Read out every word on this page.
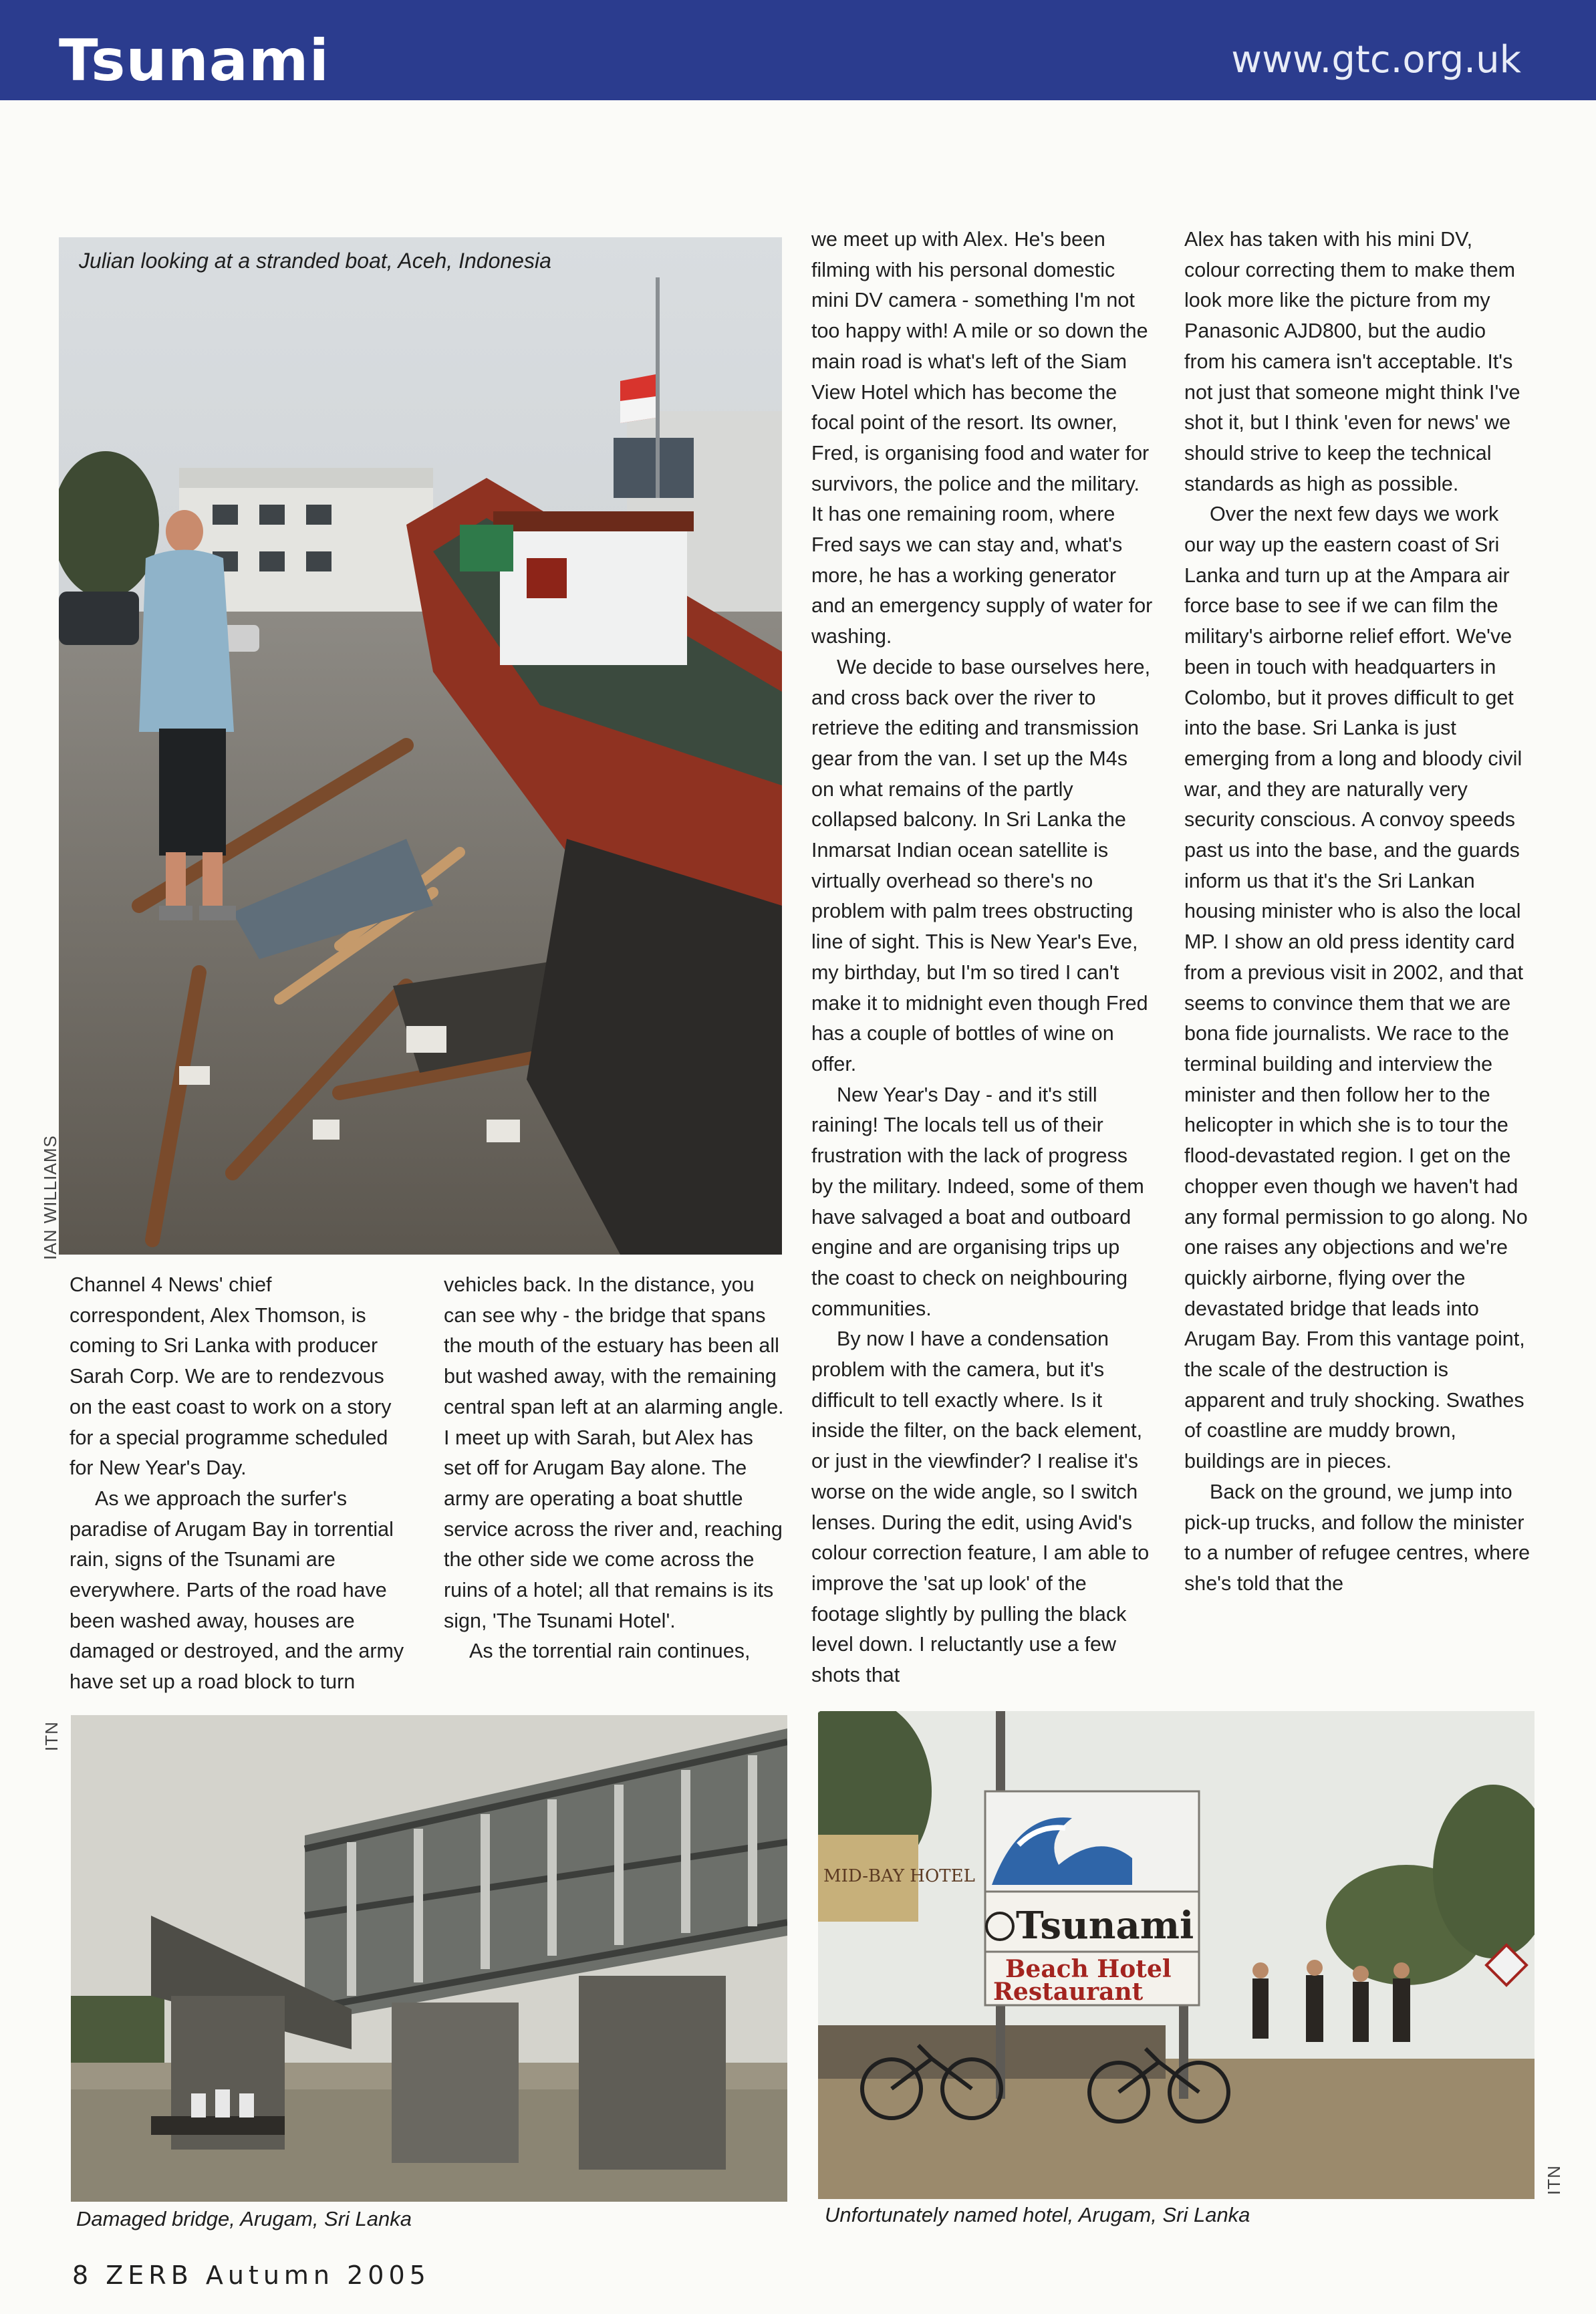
Tsunami	www.gtc.org.uk
Julian looking at a stranded boat, Aceh, Indonesia
IAN WILLIAMS

Channel 4 News' chief correspondent, Alex Thomson, is coming to Sri Lanka with producer Sarah Corp. We are to rendezvous on the east coast to work on a story for a special programme scheduled for New Year's Day.

As we approach the surfer's paradise of Arugam Bay in torrential rain, signs of the Tsunami are everywhere. Parts of the road have been washed away, houses are damaged or destroyed, and the army have set up a road block to turn

vehicles back. In the distance, you can see why - the bridge that spans the mouth of the estuary has been all but washed away, with the remaining central span left at an alarming angle. I meet up with Sarah, but Alex has set off for Arugam Bay alone. The army are operating a boat shuttle service across the river and, reaching the other side we come across the ruins of a hotel; all that remains is its sign, 'The Tsunami Hotel'.

As the torrential rain continues,

we meet up with Alex. He's been filming with his personal domestic mini DV camera - something I'm not too happy with! A mile or so down the main road is what's left of the Siam View Hotel which has become the focal point of the resort. Its owner, Fred, is organising food and water for survivors, the police and the military. It has one remaining room, where Fred says we can stay and, what's more, he has a working generator and an emergency supply of water for washing.

We decide to base ourselves here, and cross back over the river to retrieve the editing and transmission gear from the van. I set up the M4s on what remains of the partly collapsed balcony. In Sri Lanka the Inmarsat Indian ocean satellite is virtually overhead so there's no problem with palm trees obstructing line of sight. This is New Year's Eve, my birthday, but I'm so tired I can't make it to midnight even though Fred has a couple of bottles of wine on offer.

New Year's Day - and it's still raining! The locals tell us of their frustration with the lack of progress by the military. Indeed, some of them have salvaged a boat and outboard engine and are organising trips up the coast to check on neighbouring communities.

By now I have a condensation problem with the camera, but it's difficult to tell exactly where. Is it inside the filter, on the back element, or just in the viewfinder? I realise it's worse on the wide angle, so I switch lenses. During the edit, using Avid's colour correction feature, I am able to improve the 'sat up look' of the footage slightly by pulling the black level down. I reluctantly use a few shots that

Alex has taken with his mini DV, colour correcting them to make them look more like the picture from my Panasonic AJD800, but the audio from his camera isn't acceptable. It's not just that someone might think I've shot it, but I think 'even for news' we should strive to keep the technical standards as high as possible.

Over the next few days we work our way up the eastern coast of Sri Lanka and turn up at the Ampara air force base to see if we can film the military's airborne relief effort. We've been in touch with headquarters in Colombo, but it proves difficult to get into the base. Sri Lanka is just emerging from a long and bloody civil war, and they are naturally very security conscious. A convoy speeds past us into the base, and the guards inform us that it's the Sri Lankan housing minister who is also the local MP. I show an old press identity card from a previous visit in 2002, and that seems to convince them that we are bona fide journalists. We race to the terminal building and interview the minister and then follow her to the helicopter in which she is to tour the flood-devastated region. I get on the chopper even though we haven't had any formal permission to go along. No one raises any objections and we're quickly airborne, flying over the devastated bridge that leads into Arugam Bay. From this vantage point, the scale of the destruction is apparent and truly shocking. Swathes of coastline are muddy brown, buildings are in pieces.

Back on the ground, we jump into pick-up trucks, and follow the minister to a number of refugee centres, where she's told that the

ITN
Damaged bridge, Arugam, Sri Lanka
MID-BAY HOTEL
Tsunami
Beach Hotel
Restaurant
Unfortunately named hotel, Arugam, Sri Lanka
ITN
8 ZERB Autumn 2005
